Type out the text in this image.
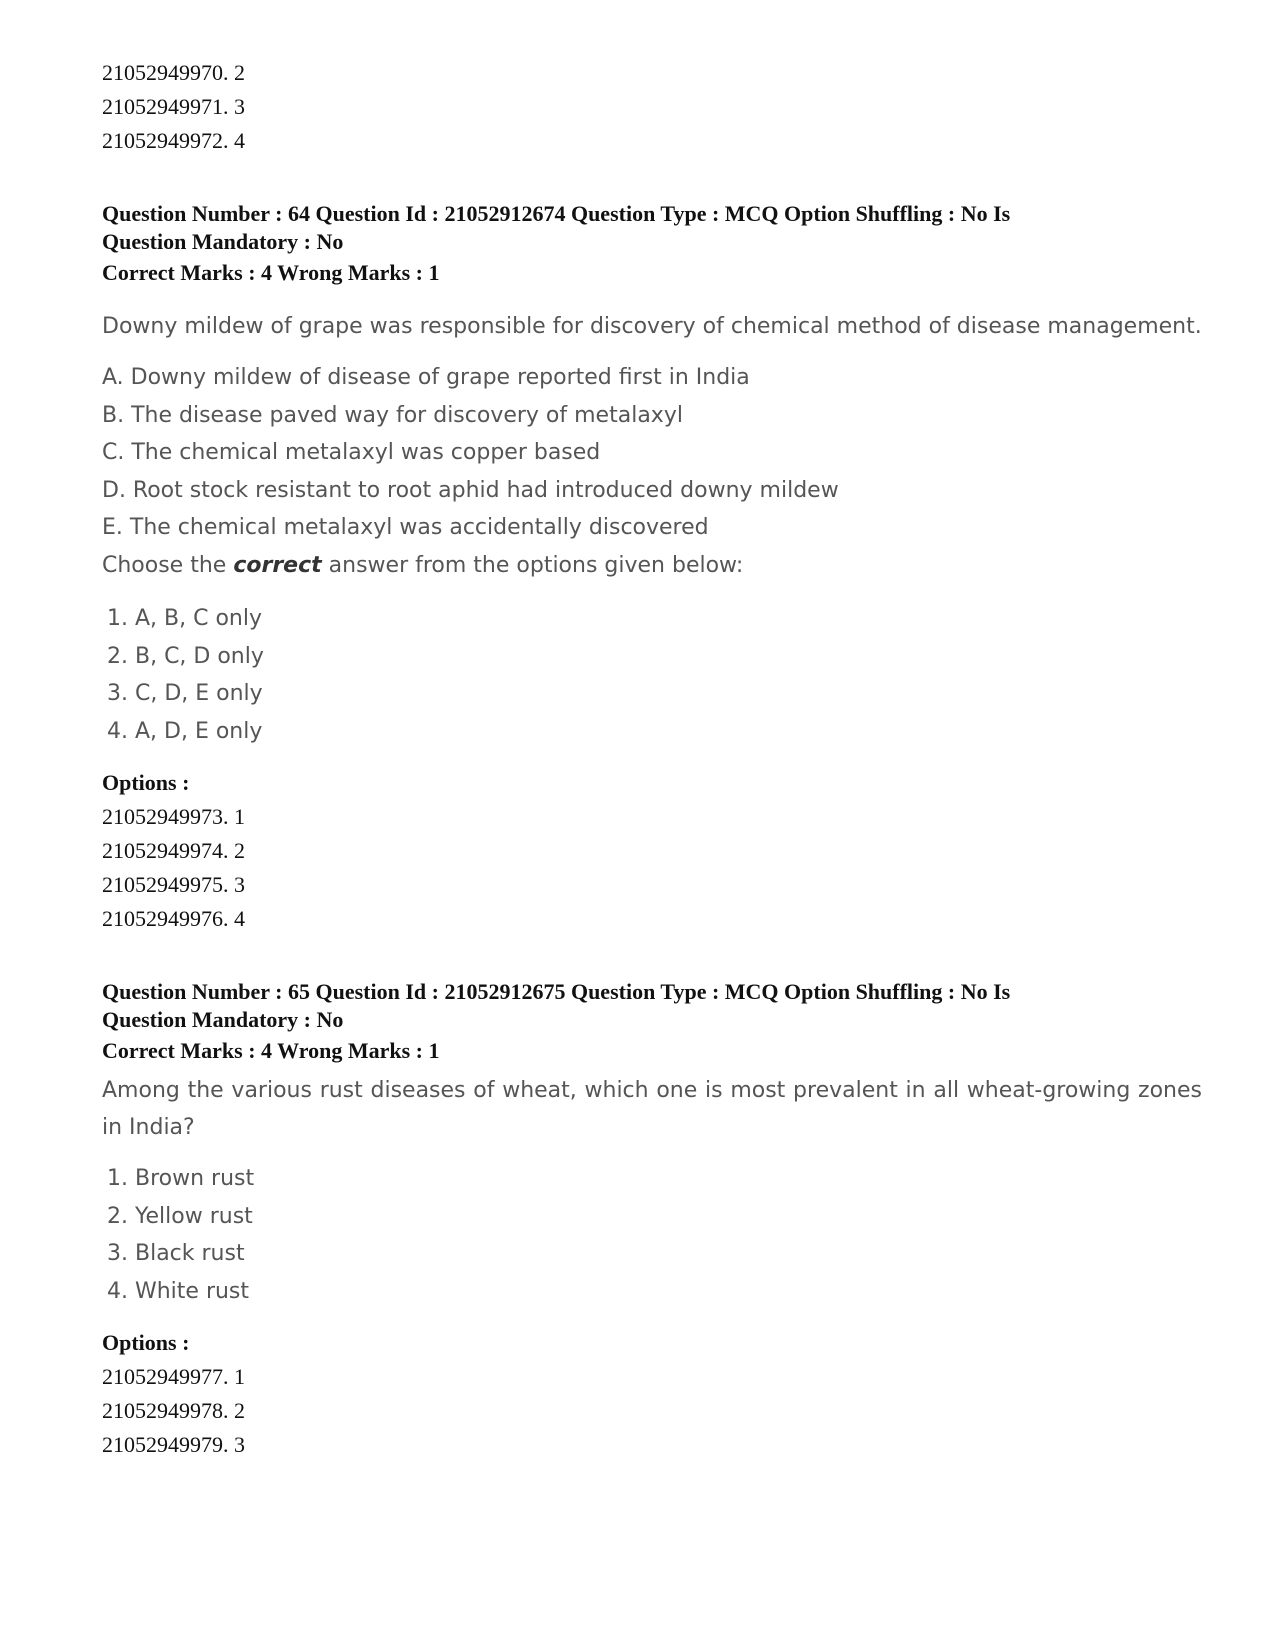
21052949970. 2

21052949971. 3

21052949972. 4

Question Number : 64 Question Id : 21052912674 Question Type : MCQ Option Shuffling : No Is

Question Mandatory : No

Correct Marks : 4 Wrong Marks : 1

Downy mildew of grape was responsible for discovery of chemical method of disease management.

A. Downy mildew of disease of grape reported first in India

B. The disease paved way for discovery of metalaxyl

C. The chemical metalaxyl was copper based

D. Root stock resistant to root aphid had introduced downy mildew

E. The chemical metalaxyl was accidentally discovered

Choose the correct answer from the options given below:

1. A, B, C only

2. B, C, D only

3. C, D, E only

4. A, D, E only

Options :

21052949973. 1

21052949974. 2

21052949975. 3

21052949976. 4

Question Number : 65 Question Id : 21052912675 Question Type : MCQ Option Shuffling : No Is

Question Mandatory : No

Correct Marks : 4 Wrong Marks : 1

Among the various rust diseases of wheat, which one is most prevalent in all wheat-growing zones in India?

1. Brown rust

2. Yellow rust

3. Black rust

4. White rust

Options :

21052949977. 1

21052949978. 2

21052949979. 3
